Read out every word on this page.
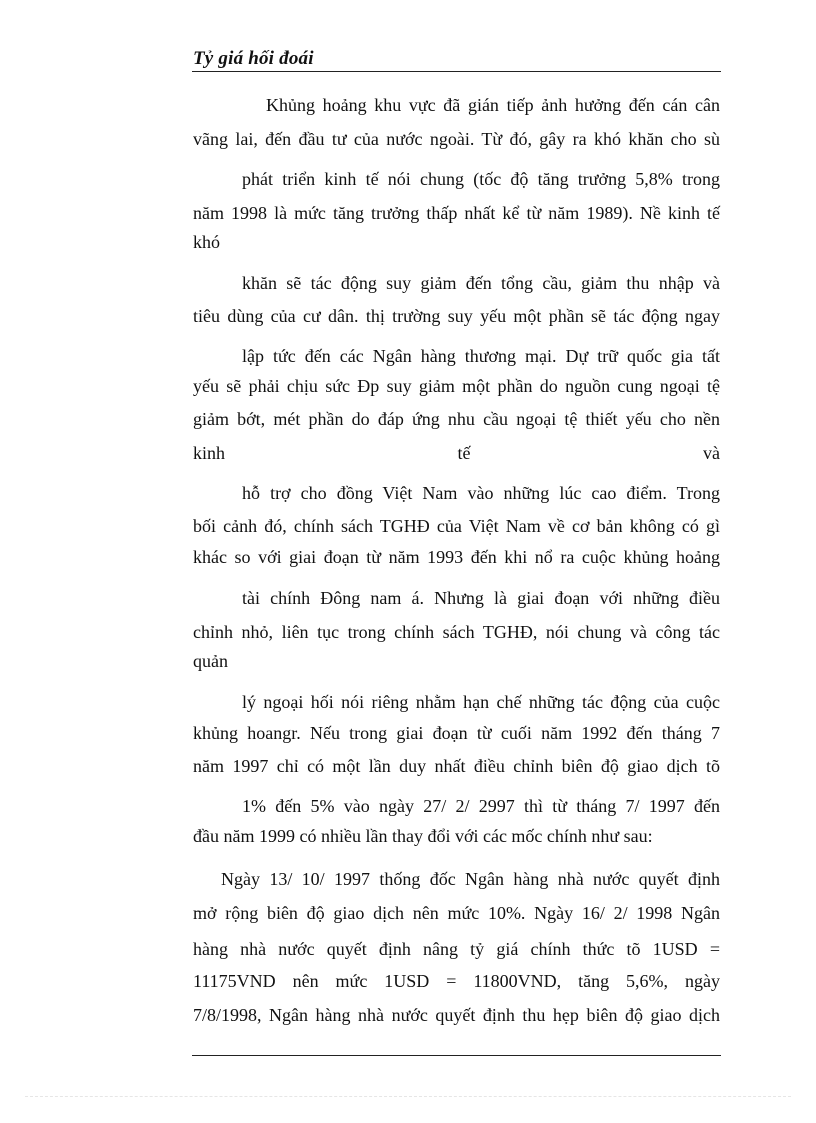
Tỷ giá hối đoái
Khủng hoảng khu vực đã gián tiếp ảnh hưởng đến cán cân
vãng lai, đến đầu tư của nước ngoài. Từ đó, gây ra khó khăn cho sù
phát triển kinh tế nói chung (tốc độ tăng trưởng 5,8% trong
năm 1998 là mức tăng trưởng thấp nhất kể từ năm 1989). Nề kinh tế
khó
khăn sẽ tác động suy giảm đến tổng cầu, giảm thu nhập và
tiêu dùng của cư dân. thị trường suy yếu một phần sẽ tác động ngay
lập tức đến các Ngân hàng thương mại. Dự trữ quốc gia tất
yếu sẽ phải chịu sức Ðp suy giảm một phần do nguồn cung ngoại tệ
giảm bớt, mét phần do đáp ứng nhu cầu ngoại tệ thiết yếu cho nền
kinh	tế	và
hỗ trợ cho đồng Việt Nam vào những lúc cao điểm. Trong
bối cảnh đó, chính sách TGHĐ của Việt Nam về cơ bản không có gì
khác so với giai đoạn từ năm 1993 đến khi nổ ra cuộc khủng hoảng
tài chính Đông nam á. Nhưng là giai đoạn với những điều
chỉnh nhỏ, liên tục trong chính sách TGHĐ, nói chung và công tác
quản
lý ngoại hối nói riêng nhằm hạn chế những tác động của cuộc
khủng hoangr. Nếu trong giai đoạn từ cuối năm 1992 đến tháng 7
năm 1997 chỉ có một lần duy nhất điều chỉnh biên độ giao dịch tõ
1% đến 5% vào ngày 27/ 2/ 2997 thì từ tháng 7/ 1997 đến
đầu năm 1999 có nhiều lần thay đổi với các mốc chính như sau:
Ngày 13/ 10/ 1997 thống đốc Ngân hàng nhà nước quyết định
mở rộng biên độ giao dịch nên mức 10%. Ngày 16/ 2/ 1998 Ngân
hàng nhà nước quyết định nâng tỷ giá chính thức tõ 1USD =
11175VND nên mức 1USD = 11800VND, tăng 5,6%, ngày
7/8/1998, Ngân hàng nhà nước quyết định thu hẹp biên độ giao dịch
